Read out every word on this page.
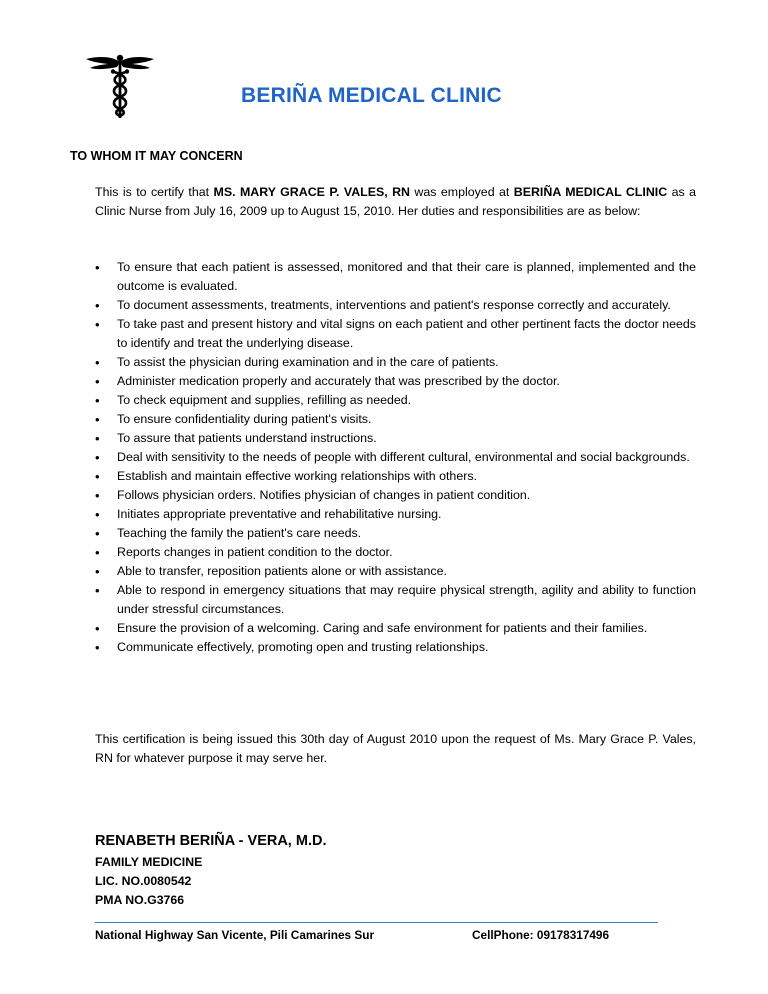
BERIÑA MEDICAL CLINIC
TO WHOM IT MAY CONCERN

This is to certify that MS. MARY GRACE P. VALES, RN was employed at BERIÑA MEDICAL CLINIC as a Clinic Nurse from July 16, 2009 up to August 15, 2010. Her duties and responsibilities are as below:

• To ensure that each patient is assessed, monitored and that their care is planned, implemented and the outcome is evaluated.
• To document assessments, treatments, interventions and patient's response correctly and accurately.
• To take past and present history and vital signs on each patient and other pertinent facts the doctor needs to identify and treat the underlying disease.
• To assist the physician during examination and in the care of patients.
• Administer medication properly and accurately that was prescribed by the doctor.
• To check equipment and supplies, refilling as needed.
• To ensure confidentiality during patient's visits.
• To assure that patients understand instructions.
• Deal with sensitivity to the needs of people with different cultural, environmental and social backgrounds.
• Establish and maintain effective working relationships with others.
• Follows physician orders. Notifies physician of changes in patient condition.
• Initiates appropriate preventative and rehabilitative nursing.
• Teaching the family the patient's care needs.
• Reports changes in patient condition to the doctor.
• Able to transfer, reposition patients alone or with assistance.
• Able to respond in emergency situations that may require physical strength, agility and ability to function under stressful circumstances.
• Ensure the provision of a welcoming. Caring and safe environment for patients and their families.
• Communicate effectively, promoting open and trusting relationships.

This certification is being issued this 30th day of August 2010 upon the request of Ms. Mary Grace P. Vales, RN for whatever purpose it may serve her.

RENABETH BERIÑA - VERA, M.D.
FAMILY MEDICINE
LIC. NO.0080542
PMA NO.G3766
National Highway San Vicente, Pili Camarines Sur	CellPhone: 09178317496
